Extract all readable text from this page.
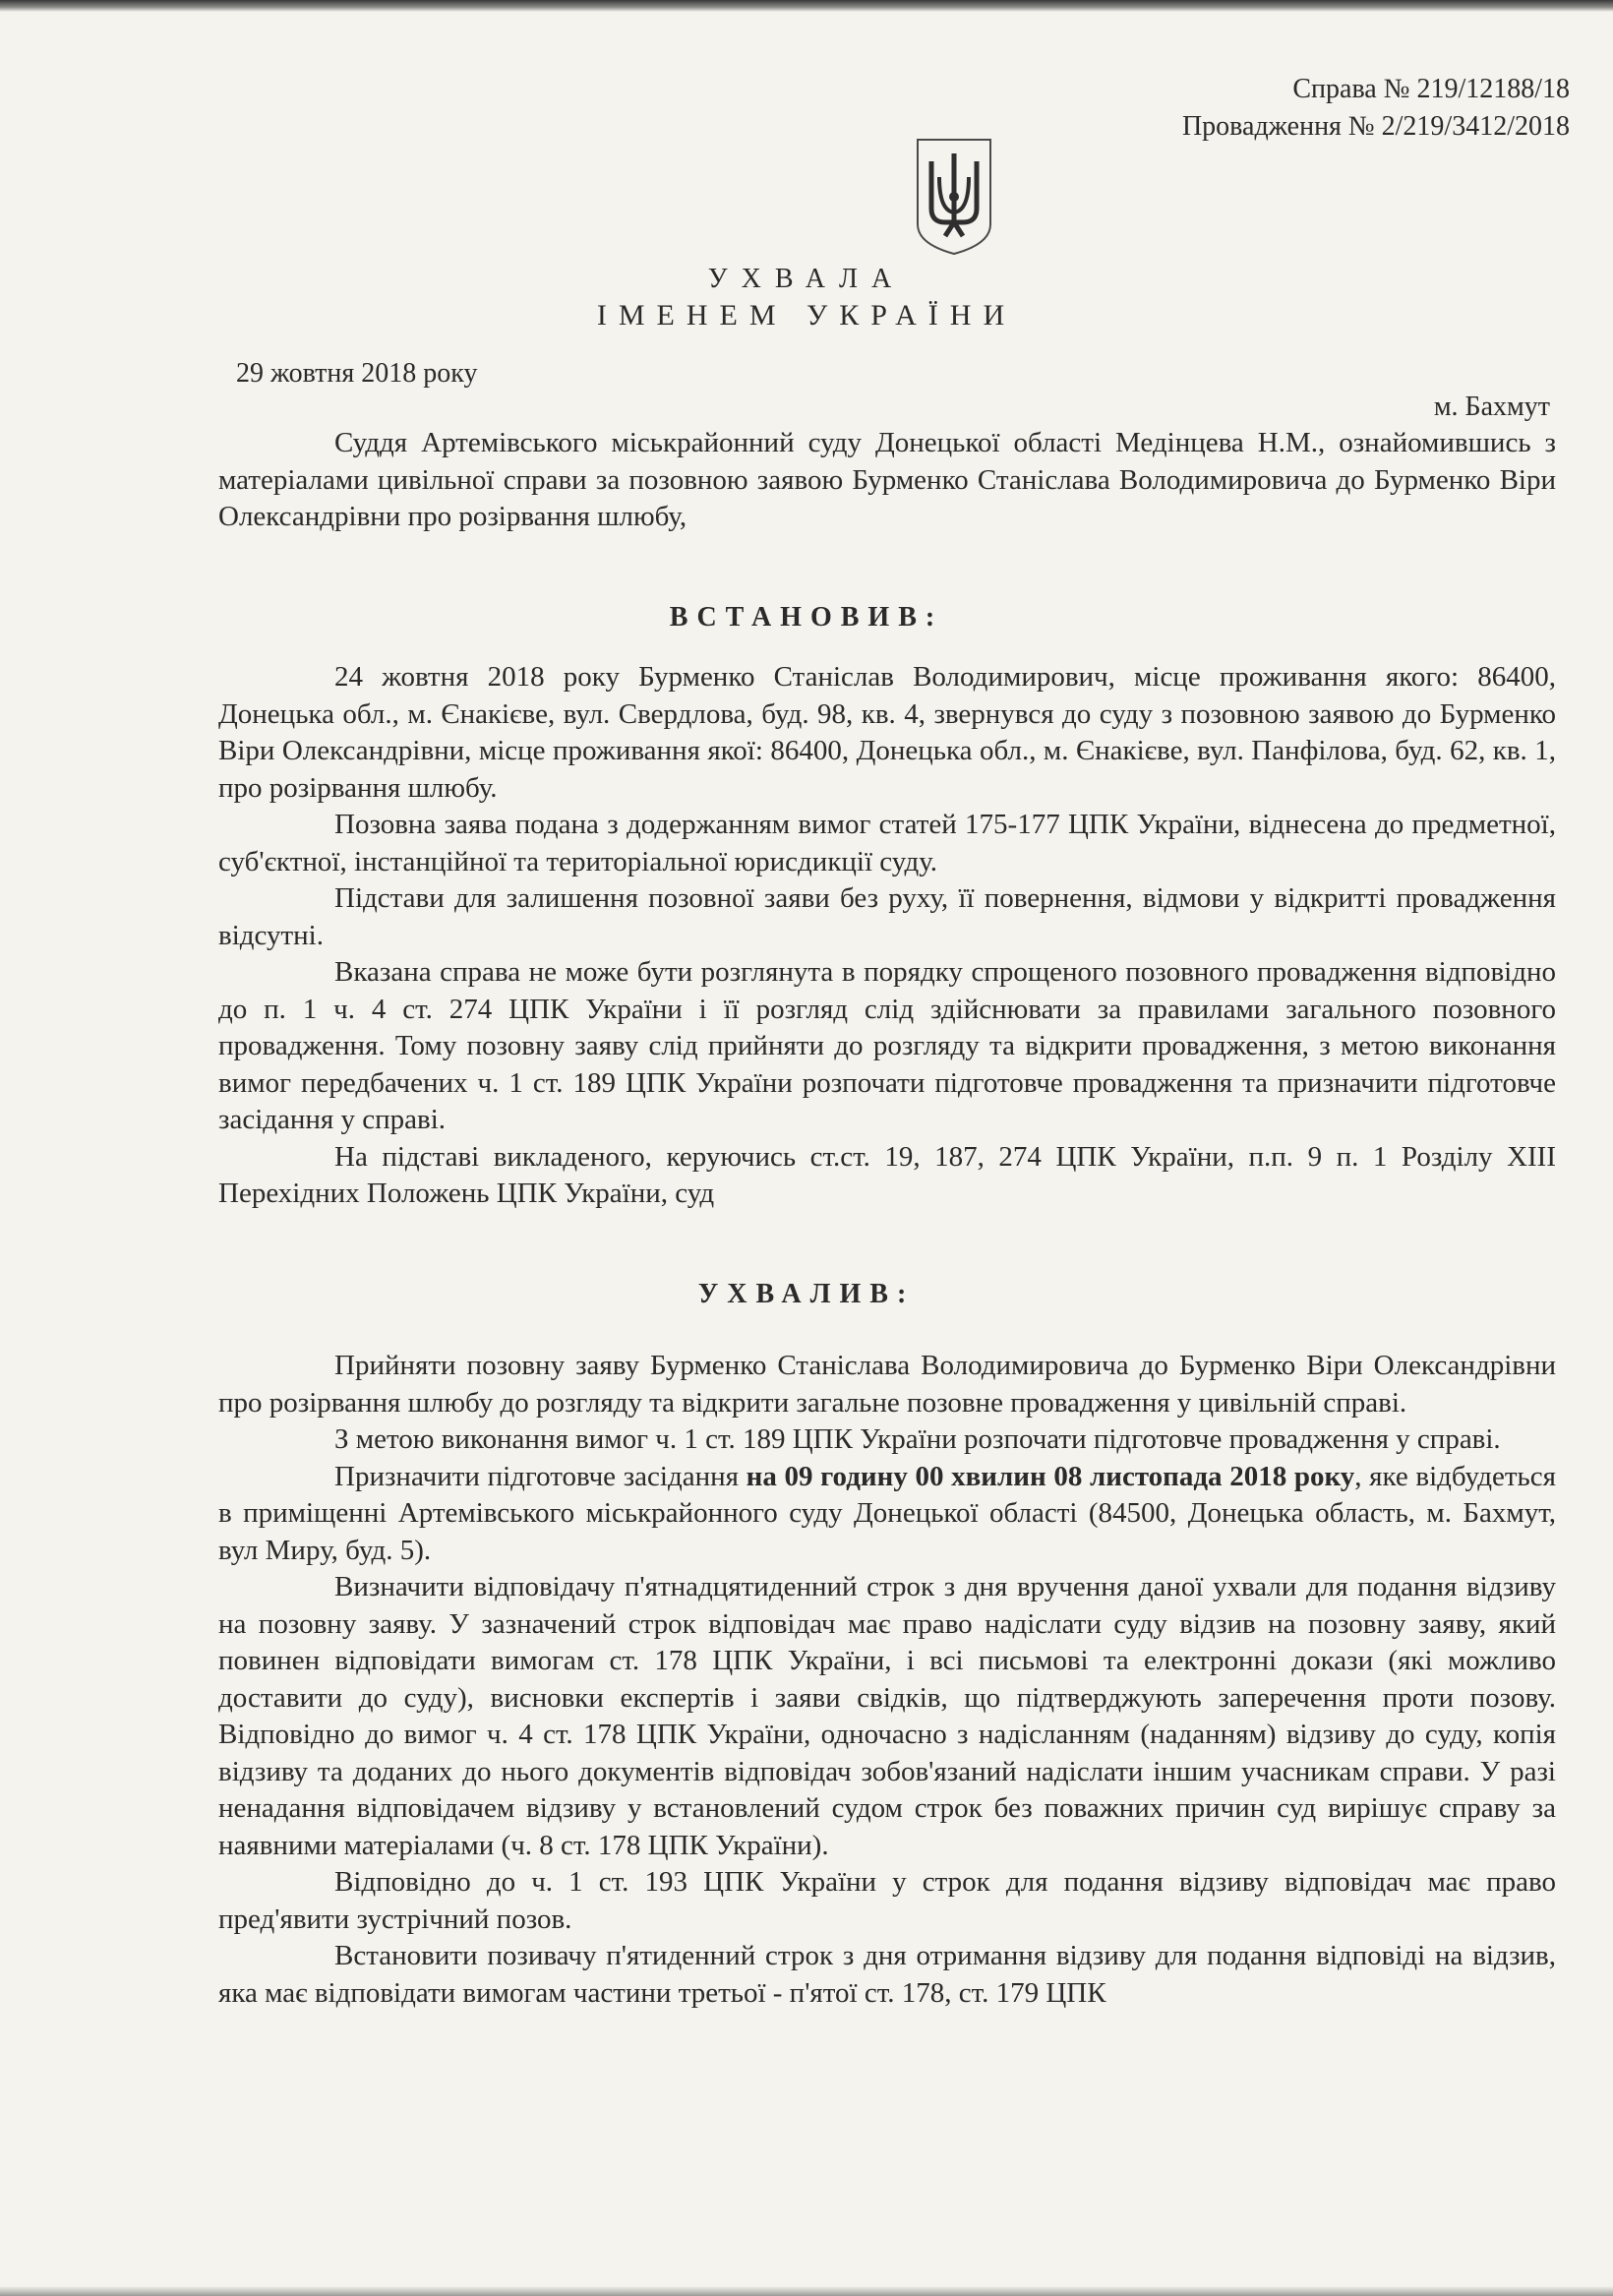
Справа № 219/12188/18
Провадження № 2/219/3412/2018
УХВАЛА
ІМЕНЕМ УКРАЇНИ
29 жовтня 2018 року
м. Бахмут

Суддя Артемівського міськрайонний суду Донецької області Медінцева Н.М., ознайомившись з матеріалами цивільної справи за позовною заявою Бурменко Станіслава Володимировича до Бурменко Віри Олександрівни про розірвання шлюбу,

ВСТАНОВИВ:

24 жовтня 2018 року Бурменко Станіслав Володимирович, місце проживання якого: 86400, Донецька обл., м. Єнакієве, вул. Свердлова, буд. 98, кв. 4, звернувся до суду з позовною заявою до Бурменко Віри Олександрівни, місце проживання якої: 86400, Донецька обл., м. Єнакієве, вул. Панфілова, буд. 62, кв. 1, про розірвання шлюбу.

Позовна заява подана з додержанням вимог статей 175-177 ЦПК України, віднесена до предметної, суб'єктної, інстанційної та територіальної юрисдикції суду.

Підстави для залишення позовної заяви без руху, її повернення, відмови у відкритті провадження відсутні.

Вказана справа не може бути розглянута в порядку спрощеного позовного провадження відповідно до п. 1 ч. 4 ст. 274 ЦПК України і її розгляд слід здійснювати за правилами загального позовного провадження. Тому позовну заяву слід прийняти до розгляду та відкрити провадження, з метою виконання вимог передбачених ч. 1 ст. 189 ЦПК України розпочати підготовче провадження та призначити підготовче засідання у справі.

На підставі викладеного, керуючись ст.ст. 19, 187, 274 ЦПК України, п.п. 9 п. 1 Розділу XIII Перехідних Положень ЦПК України, суд

УХВАЛИВ:

Прийняти позовну заяву Бурменко Станіслава Володимировича до Бурменко Віри Олександрівни про розірвання шлюбу до розгляду та відкрити загальне позовне провадження у цивільній справі.

З метою виконання вимог ч. 1 ст. 189 ЦПК України розпочати підготовче провадження у справі.

Призначити підготовче засідання на 09 годину 00 хвилин 08 листопада 2018 року, яке відбудеться в приміщенні Артемівського міськрайонного суду Донецької області (84500, Донецька область, м. Бахмут, вул Миру, буд. 5).

Визначити відповідачу п'ятнадцятиденний строк з дня вручення даної ухвали для подання відзиву на позовну заяву. У зазначений строк відповідач має право надіслати суду відзив на позовну заяву, який повинен відповідати вимогам ст. 178 ЦПК України, і всі письмові та електронні докази (які можливо доставити до суду), висновки експертів і заяви свідків, що підтверджують заперечення проти позову. Відповідно до вимог ч. 4 ст. 178 ЦПК України, одночасно з надісланням (наданням) відзиву до суду, копія відзиву та доданих до нього документів відповідач зобов'язаний надіслати іншим учасникам справи. У разі ненадання відповідачем відзиву у встановлений судом строк без поважних причин суд вирішує справу за наявними матеріалами (ч. 8 ст. 178 ЦПК України).

Відповідно до ч. 1 ст. 193 ЦПК України у строк для подання відзиву відповідач має право пред'явити зустрічний позов.

Встановити позивачу п'ятиденний строк з дня отримання відзиву для подання відповіді на відзив, яка має відповідати вимогам частини третьої - п'ятої ст. 178, ст. 179 ЦПК
